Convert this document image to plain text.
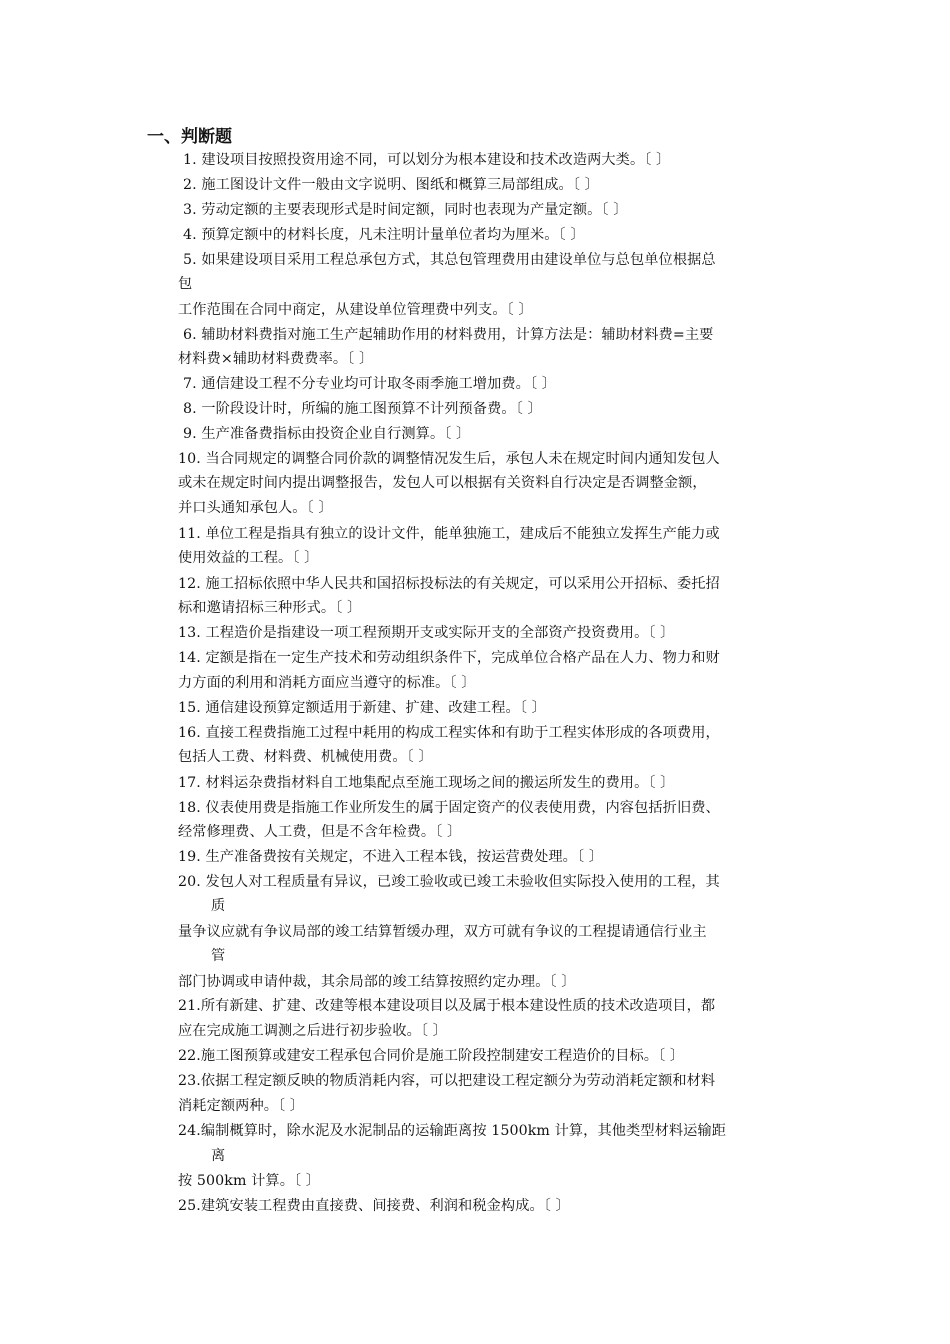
一、判断题
1. 建设项目按照投资用途不同，可以划分为根本建设和技术改造两大类。〔 〕
2. 施工图设计文件一般由文字说明、图纸和概算三局部组成。〔 〕
3. 劳动定额的主要表现形式是时间定额，同时也表现为产量定额。〔 〕
4. 预算定额中的材料长度，凡未注明计量单位者均为厘米。〔 〕
5. 如果建设项目采用工程总承包方式，其总包管理费用由建设单位与总包单位根据总
包
工作范围在合同中商定，从建设单位管理费中列支。〔 〕
6. 辅助材料费指对施工生产起辅助作用的材料费用，计算方法是：辅助材料费=主要
材料费×辅助材料费费率。〔 〕
7. 通信建设工程不分专业均可计取冬雨季施工增加费。〔 〕
8. 一阶段设计时，所编的施工图预算不计列预备费。〔 〕
9. 生产准备费指标由投资企业自行测算。〔 〕
10. 当合同规定的调整合同价款的调整情况发生后，承包人未在规定时间内通知发包人
或未在规定时间内提出调整报告，发包人可以根据有关资料自行决定是否调整金额，
并口头通知承包人。〔 〕
11. 单位工程是指具有独立的设计文件，能单独施工，建成后不能独立发挥生产能力或
使用效益的工程。〔 〕
12. 施工招标依照中华人民共和国招标投标法的有关规定，可以采用公开招标、委托招
标和邀请招标三种形式。〔 〕
13. 工程造价是指建设一项工程预期开支或实际开支的全部资产投资费用。〔 〕
14. 定额是指在一定生产技术和劳动组织条件下，完成单位合格产品在人力、物力和财
力方面的利用和消耗方面应当遵守的标准。〔 〕
15. 通信建设预算定额适用于新建、扩建、改建工程。〔 〕
16. 直接工程费指施工过程中耗用的构成工程实体和有助于工程实体形成的各项费用，
包括人工费、材料费、机械使用费。〔 〕
17. 材料运杂费指材料自工地集配点至施工现场之间的搬运所发生的费用。〔 〕
18. 仪表使用费是指施工作业所发生的属于固定资产的仪表使用费，内容包括折旧费、
经常修理费、人工费，但是不含年检费。〔 〕
19. 生产准备费按有关规定，不进入工程本钱，按运营费处理。〔 〕
20. 发包人对工程质量有异议，已竣工验收或已竣工未验收但实际投入使用的工程，其
质
量争议应就有争议局部的竣工结算暂缓办理，双方可就有争议的工程提请通信行业主
管
部门协调或申请仲裁，其余局部的竣工结算按照约定办理。〔 〕
21.所有新建、扩建、改建等根本建设项目以及属于根本建设性质的技术改造项目，都
应在完成施工调测之后进行初步验收。〔 〕
22.施工图预算或建安工程承包合同价是施工阶段控制建安工程造价的目标。〔 〕
23.依据工程定额反映的物质消耗内容，可以把建设工程定额分为劳动消耗定额和材料
消耗定额两种。〔 〕
24.编制概算时，除水泥及水泥制品的运输距离按 1500km 计算，其他类型材料运输距
离
按 500km 计算。〔 〕
25.建筑安装工程费由直接费、间接费、利润和税金构成。〔 〕
